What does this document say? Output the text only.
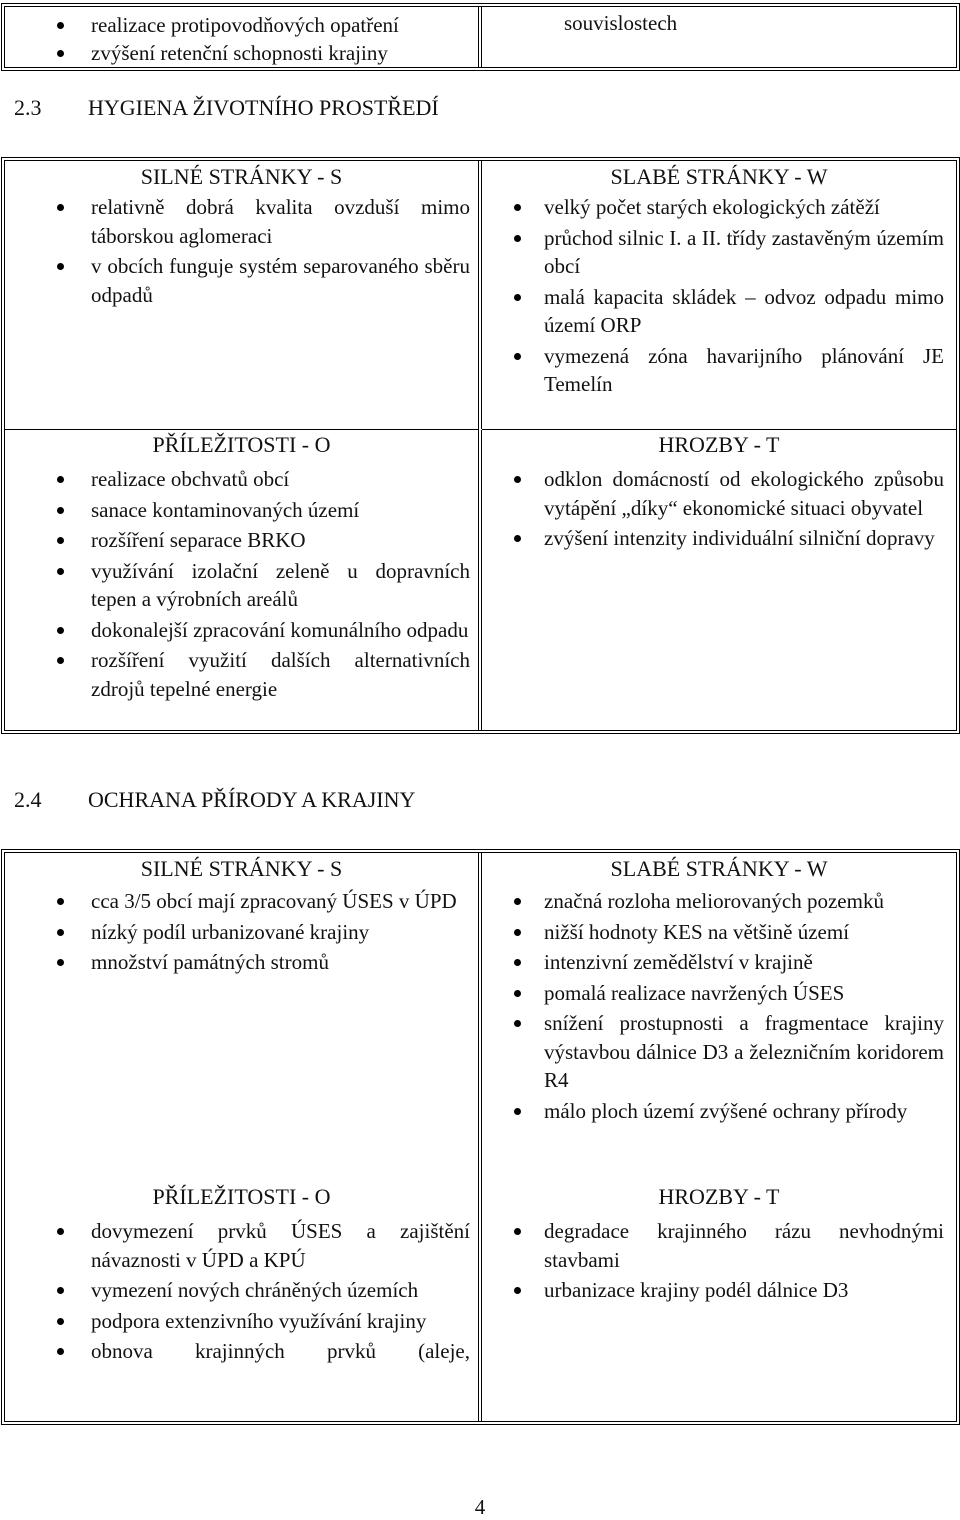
realizace protipovodňových opatření
zvýšení retenční schopnosti krajiny
souvislostech
2.3 HYGIENA ŽIVOTNÍHO PROSTŘEDÍ
SILNÉ STRÁNKY - S
relativně dobrá kvalita ovzduší mimo táborskou aglomeraci
v obcích funguje systém separovaného sběru odpadů
SLABÉ STRÁNKY - W
velký počet starých ekologických zátěží
průchod silnic I. a II. třídy zastavěným územím obcí
malá kapacita skládek – odvoz odpadu mimo území ORP
vymezená zóna havarijního plánování JE Temelín
PŘÍLEŽITOSTI - O
realizace obchvatů obcí
sanace kontaminovaných území
rozšíření separace BRKO
využívání izolační zeleně u dopravních tepen a výrobních areálů
dokonalejší zpracování komunálního odpadu
rozšíření využití dalších alternativních zdrojů tepelné energie
HROZBY - T
odklon domácností od ekologického způsobu vytápění „díky“ ekonomické situaci obyvatel
zvýšení intenzity individuální silniční dopravy
2.4 OCHRANA PŘÍRODY A KRAJINY
SILNÉ STRÁNKY - S
cca 3/5 obcí mají zpracovaný ÚSES v ÚPD
nízký podíl urbanizované krajiny
množství památných stromů
SLABÉ STRÁNKY - W
značná rozloha meliorovaných pozemků
nižší hodnoty KES na většině území
intenzivní zemědělství v krajině
pomalá realizace navržených ÚSES
snížení prostupnosti a fragmentace krajiny výstavbou dálnice D3 a železničním koridorem R4
málo ploch území zvýšené ochrany přírody
PŘÍLEŽITOSTI - O
dovymezení prvků ÚSES a zajištění návaznosti v ÚPD a KPÚ
vymezení nových chráněných územích
podpora extenzivního využívání krajiny
obnova krajinných prvků (aleje,
HROZBY - T
degradace krajinného rázu nevhodnými stavbami
urbanizace krajiny podél dálnice D3
4
